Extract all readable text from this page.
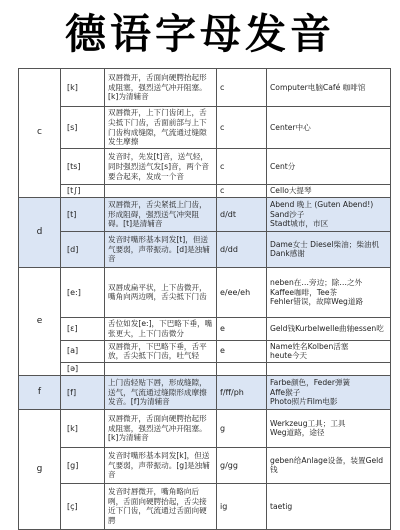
德语字母发音
c	[k]	双唇微开，舌面向硬腭抬起形成阻塞，强烈送气冲开阻塞。[k]为清辅音	c	Computer电脑Café 咖啡馆
	[s]	双唇微开，上下门齿闭上，舌尖抵下门齿，舌面前部与上下门齿构成缝隙，气流通过缝隙发生摩擦	c	Center中心
	[ts]	发音时，先发[t]音，送气轻，同时强烈送气发[s]音，两个音要合起来，发成一个音	c	Cent分
	[t∫]		c	Cello大提琴
d	[t]	双唇微开，舌尖紧抵上门齿，形成阻碍，强烈送气冲突阻碍。[t]是清辅音	d/dt	Abend 晚上 (Guten Abend!) Sand沙子
Stadt城市，市区
	[d]	发音时嘴形基本同发[t]，但送气要弱，声带振动。[d]是浊辅音	d/dd	Dame女士 Diesel柴油；柴油机 Dank感谢
e	[e:]	双唇成扁平状，上下齿微开，嘴角向两边咧，舌尖抵下门齿	e/ee/eh	neben在…旁边；除…之外
Kaffee咖啡，Tee茶
Fehler错误，故障Weg道路
	[ε]	舌位如发[e:]，下巴略下垂，嘴张更大，上下门齿微分	e	Geld钱Kurbelwelle曲轴essen吃
	[a]	双唇微开，下巴略下垂，舌平放，舌尖抵下门齿，吐气轻	e	Name姓名Kolben活塞
heute今天
	[ə]			
f	[f]	上门齿轻贴下唇，形成缝隙，送气，气流通过缝隙形成摩擦发音。[f]为清辅音	f/ff/ph	Farbe颜色，Feder弹簧
Affe猴子
Photo照片Film电影
g	[k]	双唇微开，舌面向硬腭抬起形成阻塞，强烈送气冲开阻塞。[k]为清辅音	g	Werkzeug工具；工具
Weg道路，途径
	[g]	发音时嘴形基本同发[k]，但送气要弱，声带振动。[g]是浊辅音	g/gg	geben给Anlage设备，装置Geld钱
	[ç]	发音时唇微开，嘴角略向后咧，舌面向硬腭抬起，舌尖接近下门齿，气流通过舌面向硬腭	ig	taetig
